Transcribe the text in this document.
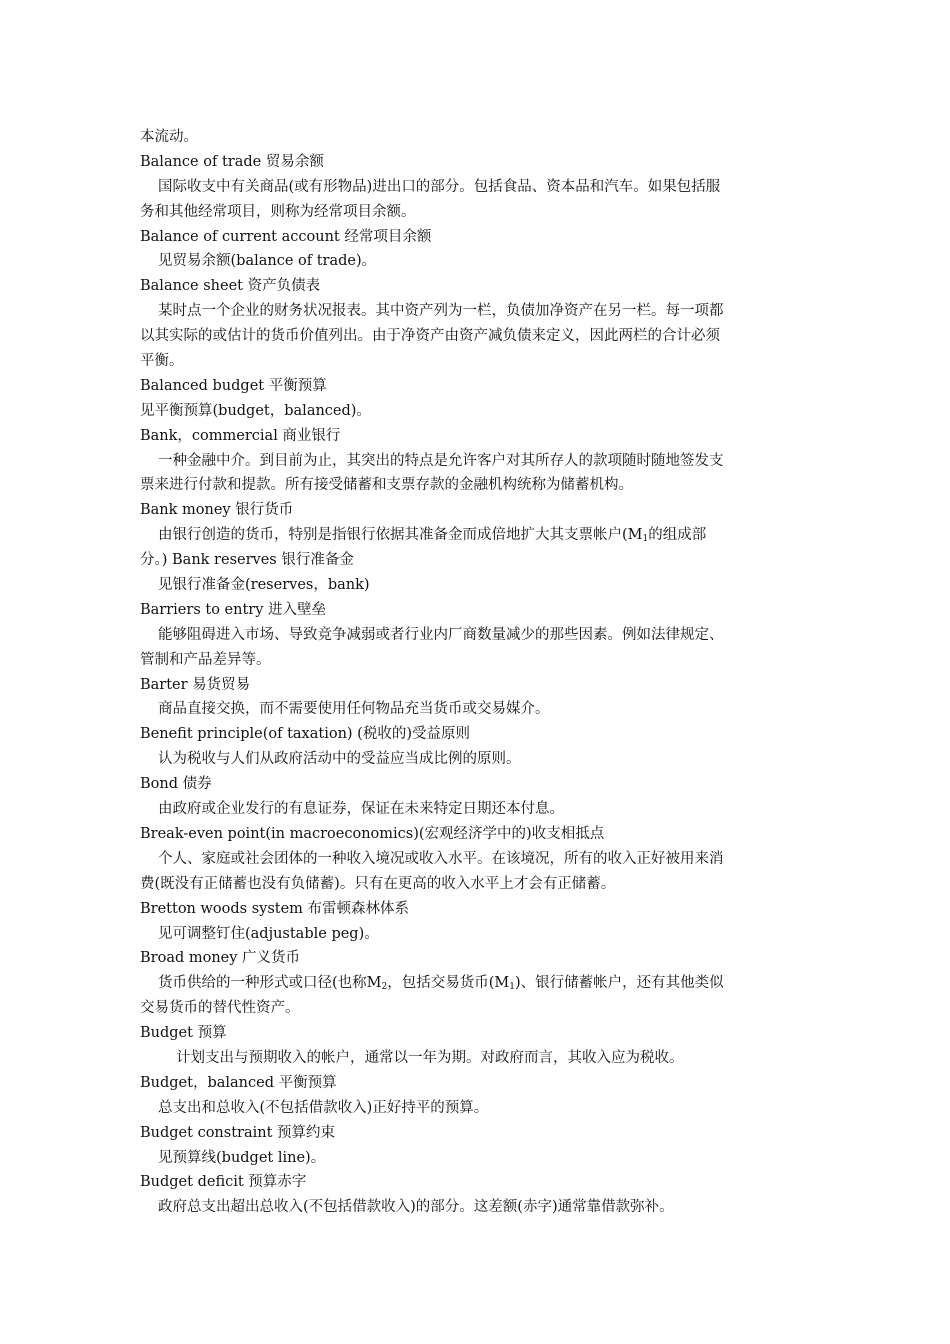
本流动。
Balance of trade 贸易余额
国际收支中有关商品(或有形物品)进出口的部分。包括食品、资本品和汽车。如果包括服
务和其他经常项目，则称为经常项目余额。
Balance of current account 经常项目余额
见贸易余额(balance of trade)。
Balance sheet 资产负债表
某时点一个企业的财务状况报表。其中资产列为一栏，负债加净资产在另一栏。每一项都
以其实际的或估计的货币价值列出。由于净资产由资产减负债来定义，因此两栏的合计必须
平衡。
Balanced budget 平衡预算
见平衡预算(budget，balanced)。
Bank，commercial 商业银行
一种金融中介。到目前为止，其突出的特点是允许客户对其所存人的款项随时随地签发支
票来进行付款和提款。所有接受储蓄和支票存款的金融机构统称为储蓄机构。
Bank money 银行货币
由银行创造的货币，特别是指银行依据其准备金而成倍地扩大其支票帐户($M_1$的组成部
分。) Bank reserves 银行准备金
见银行准备金(reserves，bank)
Barriers to entry 进入壁垒
能够阻碍进入市场、导致竞争减弱或者行业内厂商数量减少的那些因素。例如法律规定、
管制和产品差异等。
Barter 易货贸易
商品直接交换，而不需要使用任何物品充当货币或交易媒介。
Benefit principle(of taxation) (税收的)受益原则
认为税收与人们从政府活动中的受益应当成比例的原则。
Bond 债券
由政府或企业发行的有息证券，保证在未来特定日期还本付息。
Break-even point(in macroeconomics)(宏观经济学中的)收支相抵点
个人、家庭或社会团体的一种收入境况或收入水平。在该境况，所有的收入正好被用来消
费(既没有正储蓄也没有负储蓄)。只有在更高的收入水平上才会有正储蓄。
Bretton woods system 布雷顿森林体系
见可调整钉住(adjustable peg)。
Broad money 广义货币
货币供给的一种形式或口径(也称$M_2$，包括交易货币$(M_1)$、银行储蓄帐户，还有其他类似
交易货币的替代性资产。
Budget 预算
计划支出与预期收入的帐户，通常以一年为期。对政府而言，其收入应为税收。
Budget，balanced 平衡预算
总支出和总收入(不包括借款收入)正好持平的预算。
Budget constraint 预算约束
见预算线(budget line)。
Budget deficit 预算赤字
政府总支出超出总收入(不包括借款收入)的部分。这差额(赤字)通常靠借款弥补。
